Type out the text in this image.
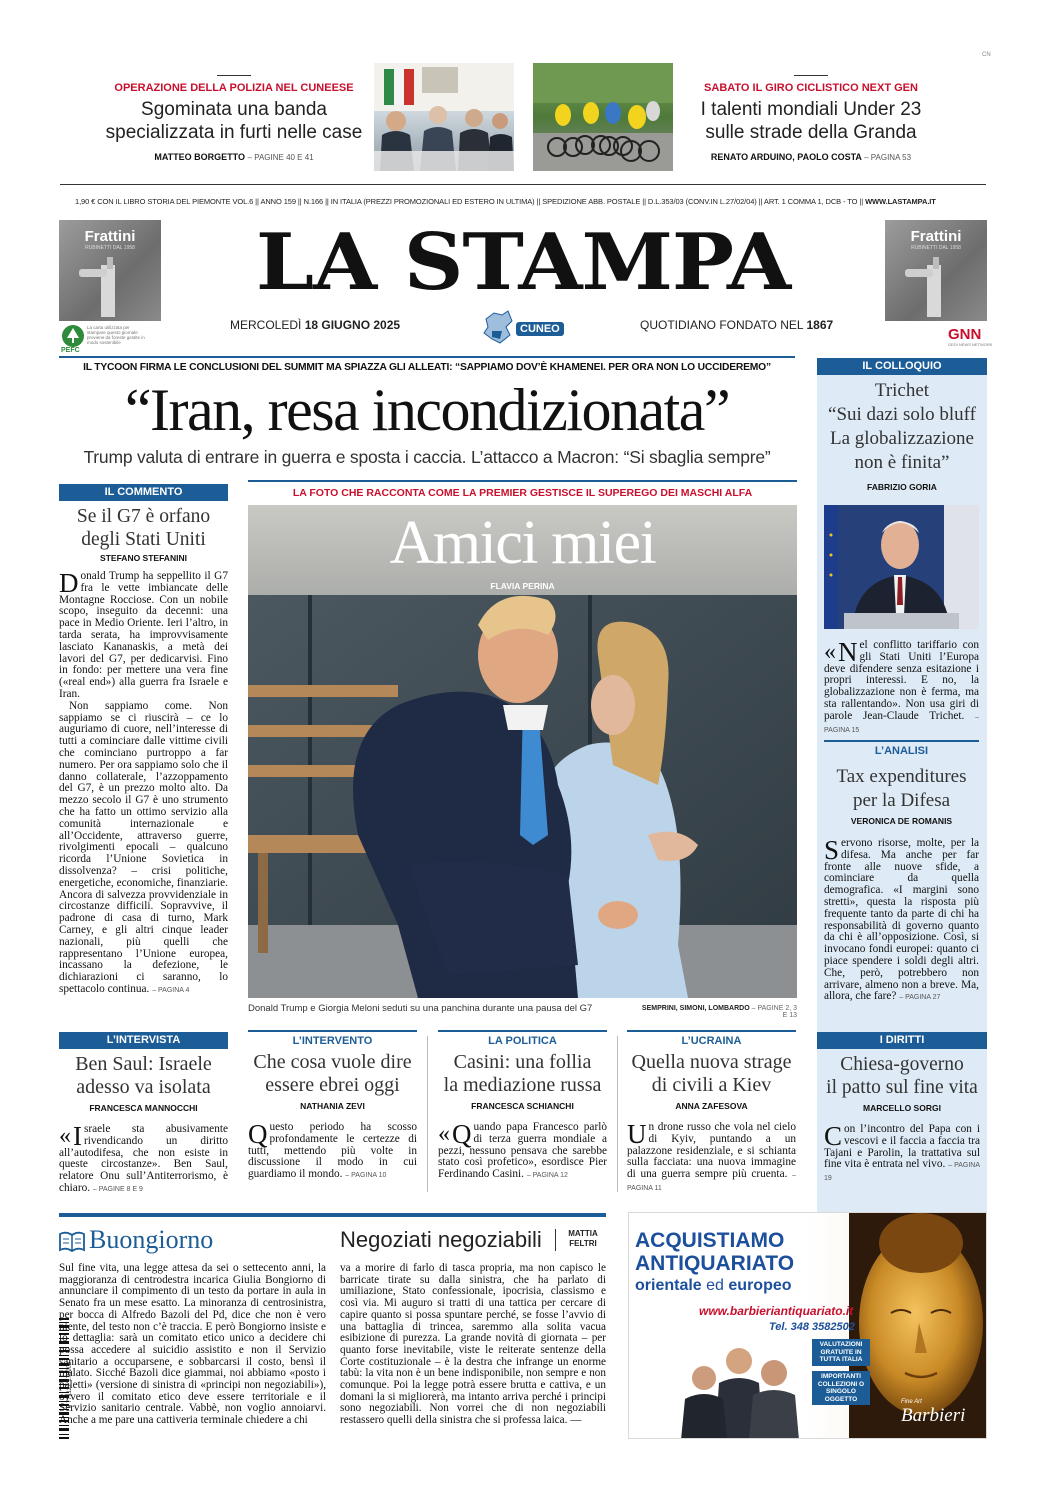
CN
OPERAZIONE DELLA POLIZIA NEL CUNEESE
Sgominata una banda
specializzata in furti nelle case
MATTEO BORGETTO – PAGINE 40 E 41
SABATO IL GIRO CICLISTICO NEXT GEN
I talenti mondiali Under 23
sulle strade della Granda
RENATO ARDUINO, PAOLO COSTA – PAGINA 53
1,90 € CON IL LIBRO STORIA DEL PIEMONTE VOL.6 || ANNO 159 || N.166 || IN ITALIA (PREZZI PROMOZIONALI ED ESTERO IN ULTIMA) || SPEDIZIONE ABB. POSTALE || D.L.353/03 (CONV.IN L.27/02/04) || ART. 1 COMMA 1, DCB - TO || WWW.LASTAMPA.IT
Frattini
RUBINETTI DAL 1958
PEFC
La carta utilizzata per stampare questo giornale proviene da foreste gestite in modo sostenibile
LA STAMPA
MERCOLEDÌ 18 GIUGNO 2025	CUNEO	QUOTIDIANO FONDATO NEL 1867
Frattini
RUBINETTI DAL 1958
GNN
GEDI NEWS NETWORK
IL TYCOON FIRMA LE CONCLUSIONI DEL SUMMIT MA SPIAZZA GLI ALLEATI: “SAPPIAMO DOV’È KHAMENEI. PER ORA NON LO UCCIDEREMO”
“Iran, resa incondizionata”
Trump valuta di entrare in guerra e sposta i caccia. L’attacco a Macron: “Si sbaglia sempre”
IL COMMENTO
Se il G7 è orfano
degli Stati Uniti
STEFANO STEFANINI
Donald Trump ha seppellito il G7 fra le vette imbiancate delle Montagne Rocciose. Con un nobile scopo, inseguito da decenni: una pace in Medio Oriente. Ieri l’altro, in tarda serata, ha improvvisamente lasciato Kananaskis, a metà dei lavori del G7, per dedicarvisi. Fino in fondo: per mettere una vera fine («real end») alla guerra fra Israele e Iran.
Non sappiamo come. Non sappiamo se ci riuscirà – ce lo auguriamo di cuore, nell’interesse di tutti a cominciare dalle vittime civili che cominciano purtroppo a far numero. Per ora sappiamo solo che il danno collaterale, l’azzoppamento del G7, è un prezzo molto alto. Da mezzo secolo il G7 è uno strumento che ha fatto un ottimo servizio alla comunità internazionale e all’Occidente, attraverso guerre, rivolgimenti epocali – qualcuno ricorda l’Unione Sovietica in dissolvenza? – crisi politiche, energetiche, economiche, finanziarie. Ancora di salvezza provvidenziale in circostanze difficili. Sopravvive, il padrone di casa di turno, Mark Carney, e gli altri cinque leader nazionali, più quelli che rappresentano l’Unione europea, incassano la defezione, le dichiarazioni ci saranno, lo spettacolo continua. – PAGINA 4
LA FOTO CHE RACCONTA COME LA PREMIER GESTISCE IL SUPEREGO DEI MASCHI ALFA
Amici miei
FLAVIA PERINA
Donald Trump e Giorgia Meloni seduti su una panchina durante una pausa del G7	SEMPRINI, SIMONI, LOMBARDO – PAGINE 2, 3 E 13
IL COLLOQUIO
Trichet
“Sui dazi solo bluff
La globalizzazione
non è finita”
FABRIZIO GORIA
« N el conflitto tariffario con gli Stati Uniti l’Europa deve difendere senza esitazione i propri interessi. E no, la globalizzazione non è ferma, ma sta rallentando». Non usa giri di parole Jean-Claude Trichet. – PAGINA 15
L’ANALISI
Tax expenditures
per la Difesa
VERONICA DE ROMANIS
Servono risorse, molte, per la difesa. Ma anche per far fronte alle nuove sfide, a cominciare da quella demografica. «I margini sono stretti», questa la risposta più frequente tanto da parte di chi ha responsabilità di governo quanto da chi è all’opposizione. Così, si invocano fondi europei: quanto ci piace spendere i soldi degli altri. Che, però, potrebbero non arrivare, almeno non a breve. Ma, allora, che fare? – PAGINA 27
L’INTERVISTA
Ben Saul: Israele
adesso va isolata
FRANCESCA MANNOCCHI
« I sraele sta abusivamente rivendicando un diritto all’autodifesa, che non esiste in queste circostanze». Ben Saul, relatore Onu sull’Antiterrorismo, è chiaro. – PAGINE 8 E 9
L’INTERVENTO
Che cosa vuole dire
essere ebrei oggi
NATHANIA ZEVI
Questo periodo ha scosso profondamente le certezze di tutti, mettendo più volte in discussione il modo in cui guardiamo il mondo. – PAGINA 10
LA POLITICA
Casini: una follia
la mediazione russa
FRANCESCA SCHIANCHI
« Q uando papa Francesco parlò di terza guerra mondiale a pezzi, nessuno pensava che sarebbe stato così profetico», esordisce Pier Ferdinando Casini. – PAGINA 12
L’UCRAINA
Quella nuova strage
di civili a Kiev
ANNA ZAFESOVA
Un drone russo che vola nel cielo di Kyiv, puntando a un palazzone residenziale, e si schianta sulla facciata: una nuova immagine di una guerra sempre più cruenta. – PAGINA 11
I DIRITTI
Chiesa-governo
il patto sul fine vita
MARCELLO SORGI
Con l’incontro del Papa con i vescovi e il faccia a faccia tra Tajani e Parolin, la trattativa sul fine vita è entrata nel vivo. – PAGINA 19
Buongiorno	Negoziati negoziabili	MATTIA
FELTRI
9 771122 176003
Sul fine vita, una legge attesa da sei o settecento anni, la maggioranza di centrodestra incarica Giulia Bongiorno di annunciare il compimento di un testo da portare in aula in Senato fra un mese esatto. La minoranza di centrosinistra, per bocca di Alfredo Bazoli del Pd, dice che non è vero niente, del testo non c’è traccia. E però Bongiorno insiste e lo dettaglia: sarà un comitato etico unico a decidere chi possa accedere al suicidio assistito e non il Servizio sanitario a occuparsene, e sobbarcarsi il costo, bensì il malato. Sicché Bazoli dice giammai, noi abbiamo «posto i paletti» (versione di sinistra di «principi non negoziabili»), ovvero il comitato etico deve essere territoriale e il Servizio sanitario centrale. Vabbè, non voglio annoiarvi. Anche a me pare una cattiveria terminale chiedere a chi
va a morire di farlo di tasca propria, ma non capisco le barricate tirate su dalla sinistra, che ha parlato di umiliazione, Stato confessionale, ipocrisia, classismo e così via. Mi auguro si tratti di una tattica per cercare di capire quanto si possa spuntare perché, se fosse l’avvio di una battaglia di trincea, saremmo alla solita vacua esibizione di purezza. La grande novità di giornata – per quanto forse inevitabile, viste le reiterate sentenze della Corte costituzionale – è la destra che infrange un enorme tabù: la vita non è un bene indisponibile, non sempre e non comunque. Poi la legge potrà essere brutta e cattiva, e un domani la si migliorerà, ma intanto arriva perché i principi sono negoziabili. Non vorrei che di non negoziabili restassero quelli della sinistra che si professa laica. —
ACQUISTIAMO
ANTIQUARIATO
orientale ed europeo
www.barbieriantiquariato.it
Tel. 348 3582502
VALUTAZIONI GRATUITE IN TUTTA ITALIA
IMPORTANTI COLLEZIONI O SINGOLO OGGETTO	Fine Art
Barbieri
